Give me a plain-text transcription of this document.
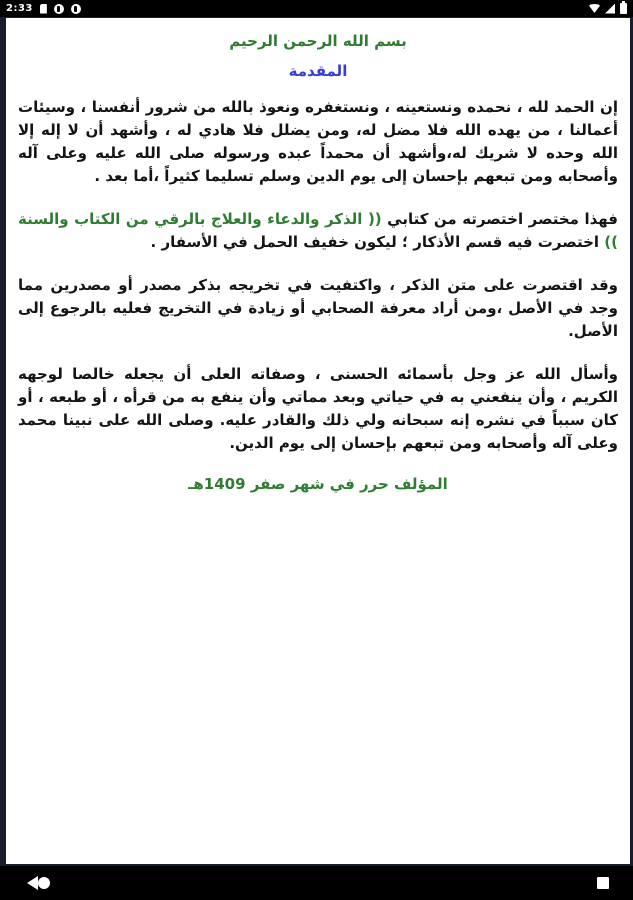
2:33
بسم الله الرحمن الرحيم
المقدمة

إن الحمد لله ، نحمده ونستعينه ، ونستغفره ونعوذ بالله من شرور أنفسنا ، وسيئات أعمالنا ، من يهده الله فلا مضل له، ومن يضلل فلا هادي له ، وأشهد أن لا إله إلا الله وحده لا شريك له،وأشهد أن محمداً عبده ورسوله صلى الله عليه وعلى آله وأصحابه ومن تبعهم بإحسان إلى يوم الدين وسلم تسليما كثيراً ،أما بعد .

فهذا مختصر اختصرته من كتابي (( الذكر والدعاء والعلاج بالرقي من الكتاب والسنة )) اختصرت فيه قسم الأذكار ؛ ليكون خفيف الحمل في الأسفار .

وقد اقتصرت على متن الذكر ، واكتفيت في تخريجه بذكر مصدر أو مصدرين مما وجد في الأصل ،ومن أراد معرفة الصحابي أو زيادة في التخريج فعليه بالرجوع إلى الأصل.

وأسأل الله عز وجل بأسمائه الحسنى ، وصفاته العلى أن يجعله خالصا لوجهه الكريم ، وأن ينفعني به في حياتي وبعد مماتي وأن ينفع به من قرأه ، أو طبعه ، أو كان سبباً في نشره إنه سبحانه ولي ذلك والقادر عليه. وصلى الله على نبينا محمد وعلى آله وأصحابه ومن تبعهم بإحسان إلى يوم الدين.

المؤلف حرر في شهر صفر 1409هـ
